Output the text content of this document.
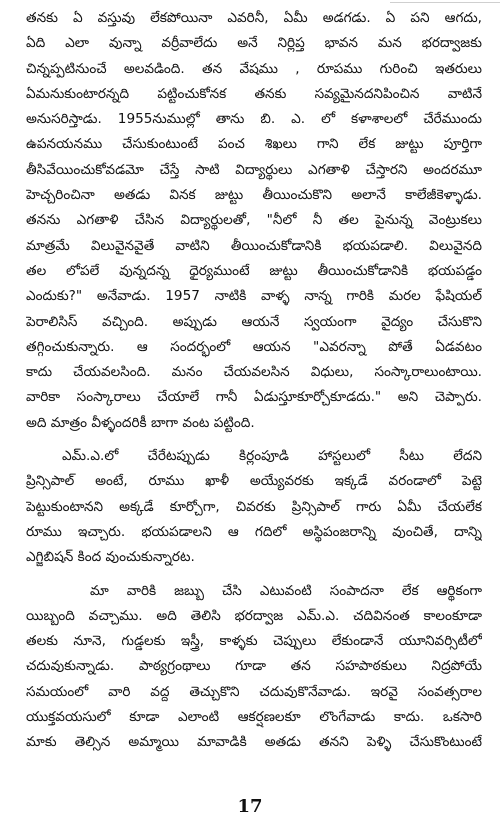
తనకు ఏ వస్తువు లేకపోయినా ఎవరినీ, ఏమీ అడగడు. ఏ పని ఆగదు,
ఏది ఎలా వున్నా వర్రీవాలేదు అనే నిర్లిప్త భావన మన భరద్వాజకు
చిన్నప్పటినుంచే అలవడింది. తన వేషము , రూపము గురించి ఇతరులు
ఏమనుకుంటారన్నది పట్టించుకోనక తనకు సవ్యమైనదనిపించిన వాటినే
అనుసరిస్తాడు. 1955నుముల్లో తాను బి. ఎ. లో కళాశాలలో చేరేముందు
ఉపనయనము చేసుకుంటుంటే పంచ శిఖలు గాని లేక జుట్టు పూర్తిగా
తీసివేయించుకోవడమో చేస్తే సాటి విద్యార్థులు ఎగతాళి చేస్తారని అందరమూ
హెచ్చరించినా అతడు వినక జుట్టు తీయించుకొని అలానే కాలేజీకెళ్ళాడు.
తనను ఎగతాళి చేసిన విద్యార్థులతో, "నీలో నీ తల పైనున్న వెంట్రుకలు
మాత్రమే విలువైనవైతే వాటిని తీయించుకోడానికి భయపడాలి. విలువైనది
తల లోపలే వున్నదన్న ధైర్యముంటే జుట్టు తీయించుకోడానికి భయపడ్డం
ఎందుకు?" అనేవాడు. 1957 నాటికి వాళ్ళ నాన్న గారికి మరల ఫేషియల్
పెరాలిసిస్ వచ్చింది. అప్పుడు ఆయనే స్వయంగా వైద్యం చేసుకొని
తగ్గించుకున్నారు. ఆ సందర్భంలో ఆయన "ఎవరన్నా పోతే ఏడవటం
కాదు చేయవలసింది. మనం చేయవలసిన విధులు, సంస్కారాలుంటాయి.
వారికా సంస్కారాలు చేయాలే గానీ ఏడుస్తూకూర్చోకూడదు." అని చెప్పారు.
అది మాత్రం వీళ్ళందరికీ బాగా వంట పట్టింది.
ఎమ్.ఎ.లో చేరేటప్పుడు కిర్లంపూడి హాస్టలులో సీటు లేదని
ప్రిన్సిపాల్ అంటే, రూము ఖాళీ అయ్యేవరకు ఇక్కడే వరండాలో పెట్టె
పెట్టుకుంటానని అక్కడే కూర్చోగా, చివరకు ప్రిన్సిపాల్ గారు ఏమీ చేయలేక
రూము ఇచ్చారు. భయపడాలని ఆ గదిలో అస్థిపంజరాన్ని వుంచితే, దాన్ని
ఎగ్జిబిషన్ కింద వుంచుకున్నారట.
మా వారికి జబ్బు చేసి ఎటువంటి సంపాదనా లేక ఆర్థికంగా
యిబ్బంది వచ్చాము. అది తెలిసి భరద్వాజ ఎమ్.ఎ. చదివినంత కాలంకూడా
తలకు నూనె, గుడ్డలకు ఇస్త్రీ, కాళ్ళకు చెప్పులు లేకుండానే యూనివర్సిటీలో
చదువుకున్నాడు. పాఠ్యగ్రంథాలు గూడా తన సహపాఠకులు నిద్రపోయే
సమయంలో వారి వద్ద తెచ్చుకొని చదువుకొనేవాడు. ఇరవై సంవత్సరాల
యుక్తవయసులో కూడా ఎలాంటి ఆకర్షణలకూ లొంగేవాడు కాదు. ఒకసారి
మాకు తెల్సిన అమ్మాయి మావాడికి అతడు తనని పెళ్ళి చేసుకొంటుంటే
17
